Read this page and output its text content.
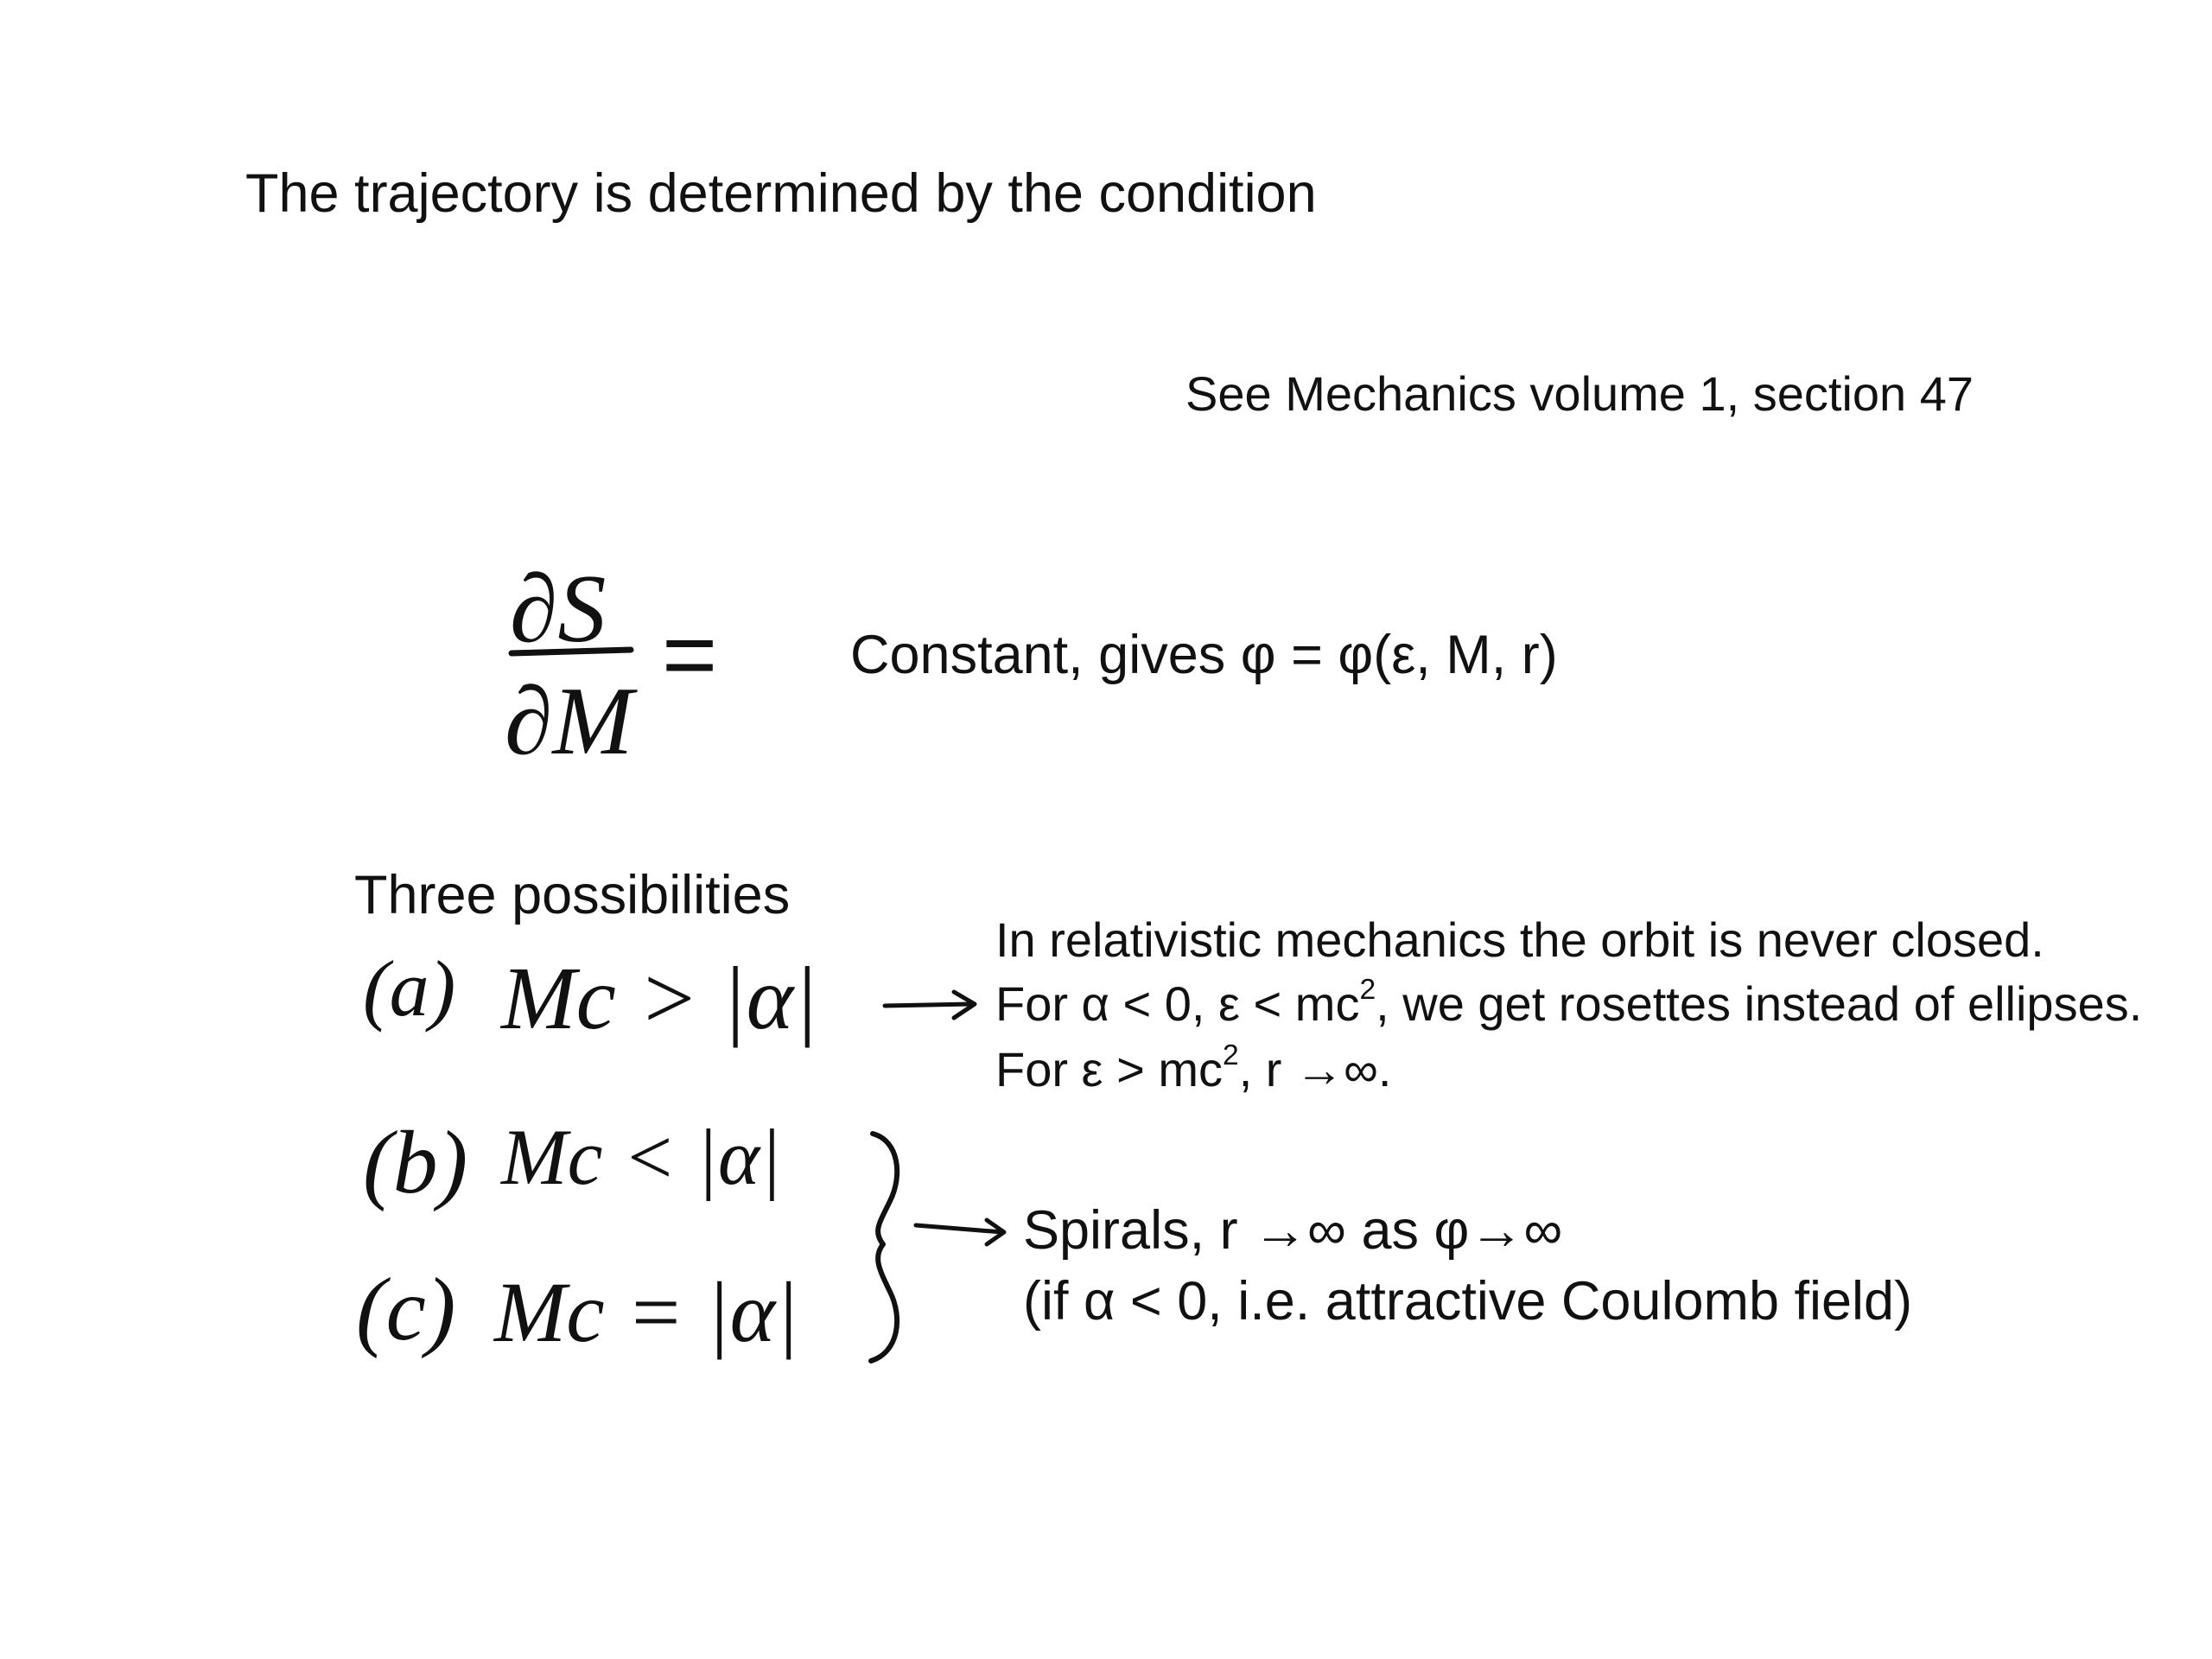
The trajectory is determined by the condition
See Mechanics volume 1, section 47
∂S
∂M
= Constant, gives φ = φ(ε, M, r)
Three possibilities
(a) Mc > |α|
(b) Mc < |α|
(c) Mc = |α|
In relativistic mechanics the orbit is never closed.
For α < 0, $\varepsilon < mc^2$, we get rosettes instead of ellipses.
For $\varepsilon > mc^2$, r →∞.
Spirals, r →∞ as φ→∞
(if α < 0, i.e. attractive Coulomb field)
